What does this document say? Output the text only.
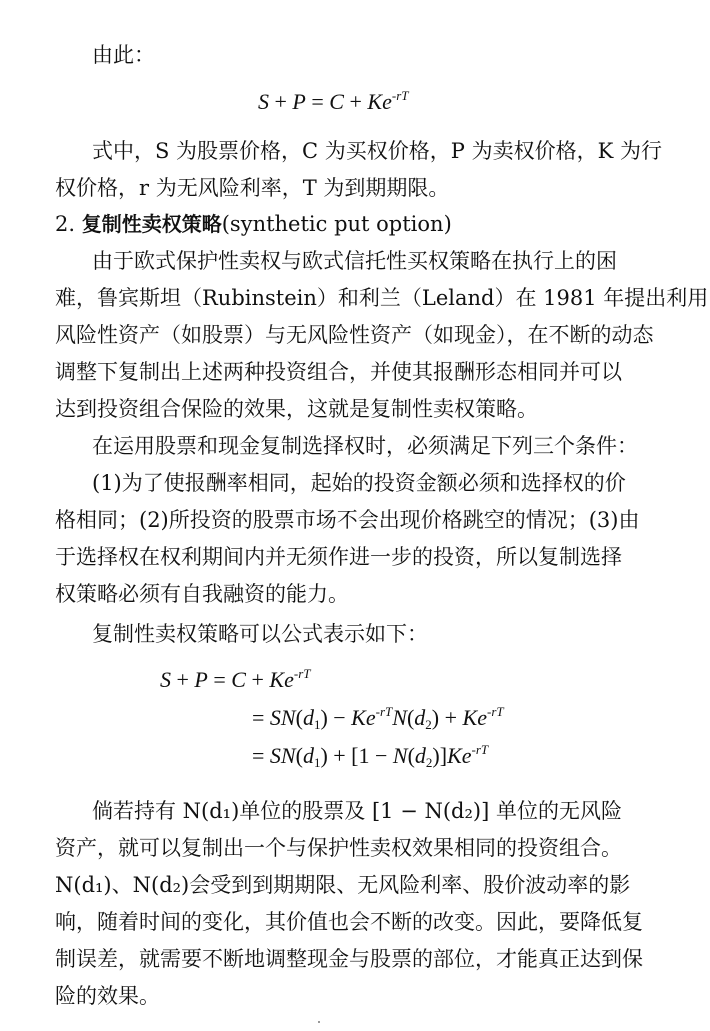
由此：
$S + P = C + Ke^{-rT}$
式中，S 为股票价格，C 为买权价格，P 为卖权价格，K 为行
权价格，r 为无风险利率，T 为到期期限。
2. 复制性卖权策略(synthetic put option)
由于欧式保护性卖权与欧式信托性买权策略在执行上的困
难，鲁宾斯坦（Rubinstein）和利兰（Leland）在 1981 年提出利用
风险性资产（如股票）与无风险性资产（如现金），在不断的动态
调整下复制出上述两种投资组合，并使其报酬形态相同并可以
达到投资组合保险的效果，这就是复制性卖权策略。
在运用股票和现金复制选择权时，必须满足下列三个条件：
(1)为了使报酬率相同，起始的投资金额必须和选择权的价
格相同；(2)所投资的股票市场不会出现价格跳空的情况；(3)由
于选择权在权利期间内并无须作进一步的投资，所以复制选择
权策略必须有自我融资的能力。
复制性卖权策略可以公式表示如下：
$S + P = C + Ke^{-rT}$
= $SN(d_1) - Ke^{-rT}N(d_2) + Ke^{-rT}$
= $SN(d_1) + [1 - N(d_2)]Ke^{-rT}$
倘若持有 N(d₁)单位的股票及 [1 − N(d₂)] 单位的无风险
资产，就可以复制出一个与保护性卖权效果相同的投资组合。
N(d₁)、N(d₂)会受到到期期限、无风险利率、股价波动率的影
响，随着时间的变化，其价值也会不断的改变。因此，要降低复
制误差，就需要不断地调整现金与股票的部位，才能真正达到保
险的效果。
